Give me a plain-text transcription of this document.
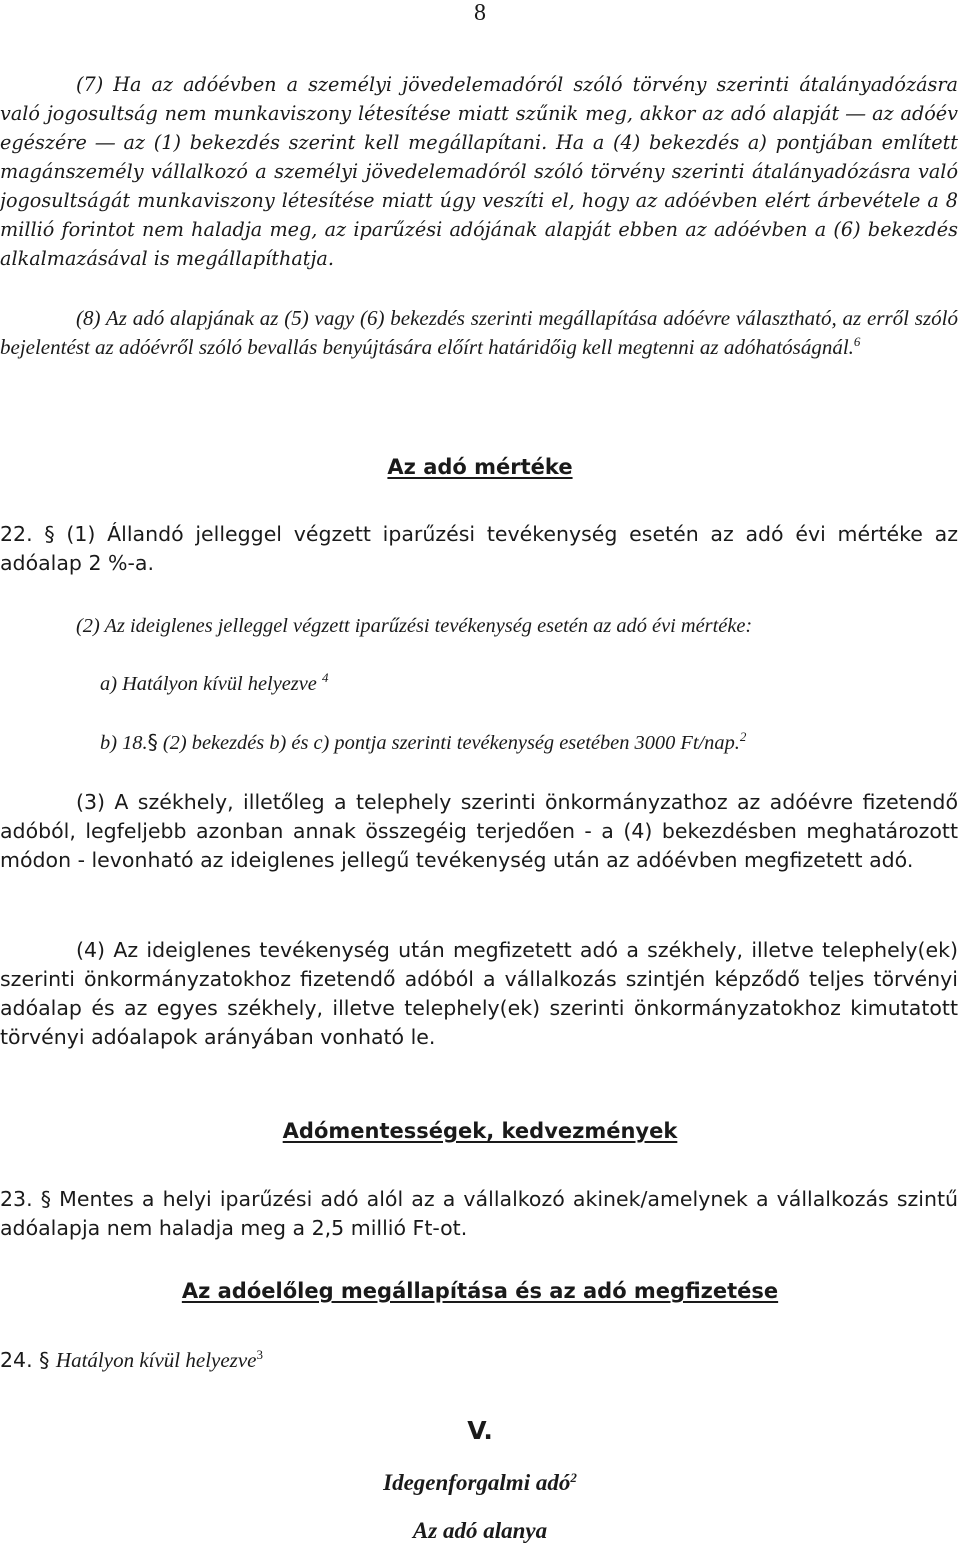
8

(7) Ha az adóévben a személyi jövedelemadóról szóló törvény szerinti átalányadózásra való jogosultság nem munkaviszony létesítése miatt szűnik meg, akkor az adó alapját ― az adóév egészére ― az (1) bekezdés szerint kell megállapítani. Ha a (4) bekezdés a) pontjában említett magánszemély vállalkozó a személyi jövedelemadóról szóló törvény szerinti átalányadózásra való jogosultságát munkaviszony létesítése miatt úgy veszíti el, hogy az adóévben elért árbevétele a 8 millió forintot nem haladja meg, az iparűzési adójának alapját ebben az adóévben a (6) bekezdés alkalmazásával is megállapíthatja.

(8) Az adó alapjának az (5) vagy (6) bekezdés szerinti megállapítása adóévre választható, az erről szóló bejelentést az adóévről szóló bevallás benyújtására előírt határidőig kell megtenni az adóhatóságnál.$^6$

Az adó mértéke

22. § (1) Állandó jelleggel végzett iparűzési tevékenység esetén az adó évi mértéke az adóalap 2 %-a.

(2) Az ideiglenes jelleggel végzett iparűzési tevékenység esetén az adó évi mértéke:

a) Hatályon kívül helyezve $^4$

b) 18.§ (2) bekezdés b) és c) pontja szerinti tevékenység esetében 3000 Ft/nap.$^2$

(3) A székhely, illetőleg a telephely szerinti önkormányzathoz az adóévre fizetendő adóból, legfeljebb azonban annak összegéig terjedően - a (4) bekezdésben meghatározott módon - levonható az ideiglenes jellegű tevékenység után az adóévben megfizetett adó.

(4) Az ideiglenes tevékenység után megfizetett adó a székhely, illetve telephely(ek) szerinti önkormányzatokhoz fizetendő adóból a vállalkozás szintjén képződő teljes törvényi adóalap és az egyes székhely, illetve telephely(ek) szerinti önkormányzatokhoz kimutatott törvényi adóalapok arányában vonható le.

Adómentességek, kedvezmények

23. § Mentes a helyi iparűzési adó alól az a vállalkozó akinek/amelynek a vállalkozás szintű adóalapja nem haladja meg a 2,5 millió Ft-ot.

Az adóelőleg megállapítása és az adó megfizetése

24. § Hatályon kívül helyezve$^3$

V.
Idegenforgalmi adó$^2$
Az adó alanya
